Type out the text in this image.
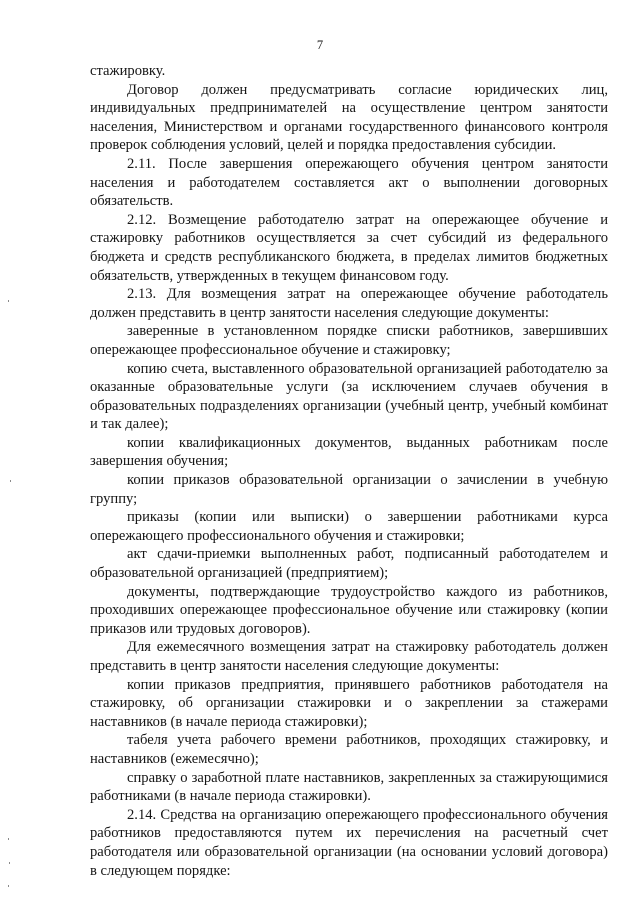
7

стажировку.

Договор должен предусматривать согласие юридических лиц, индивидуальных предпринимателей на осуществление центром занятости населения, Министерством и органами государственного финансового контроля проверок соблюдения условий, целей и порядка предоставления субсидии.

2.11. После завершения опережающего обучения центром занятости населения и работодателем составляется акт о выполнении договорных обязательств.

2.12. Возмещение работодателю затрат на опережающее обучение и стажировку работников осуществляется за счет субсидий из федерального бюджета и средств республиканского бюджета, в пределах лимитов бюджетных обязательств, утвержденных в текущем финансовом году.

2.13. Для возмещения затрат на опережающее обучение работодатель должен представить в центр занятости населения следующие документы:

заверенные в установленном порядке списки работников, завершивших опережающее профессиональное обучение и стажировку;

копию счета, выставленного образовательной организацией работодателю за оказанные образовательные услуги (за исключением случаев обучения в образовательных подразделениях организации (учебный центр, учебный комбинат и так далее);

копии квалификационных документов, выданных работникам после завершения обучения;

копии приказов образовательной организации о зачислении в учебную группу;

приказы (копии или выписки) о завершении работниками курса опережающего профессионального обучения и стажировки;

акт сдачи-приемки выполненных работ, подписанный работодателем и образовательной организацией (предприятием);

документы, подтверждающие трудоустройство каждого из работников, проходивших опережающее профессиональное обучение или стажировку (копии приказов или трудовых договоров).

Для ежемесячного возмещения затрат на стажировку работодатель должен представить в центр занятости населения следующие документы:

копии приказов предприятия, принявшего работников работодателя на стажировку, об организации стажировки и о закреплении за стажерами наставников (в начале периода стажировки);

табеля учета рабочего времени работников, проходящих стажировку, и наставников (ежемесячно);

справку о заработной плате наставников, закрепленных за стажирующимися работниками (в начале периода стажировки).

2.14. Средства на организацию опережающего профессионального обучения работников предоставляются путем их перечисления на расчетный счет работодателя или образовательной организации (на основании условий договора) в следующем порядке:
